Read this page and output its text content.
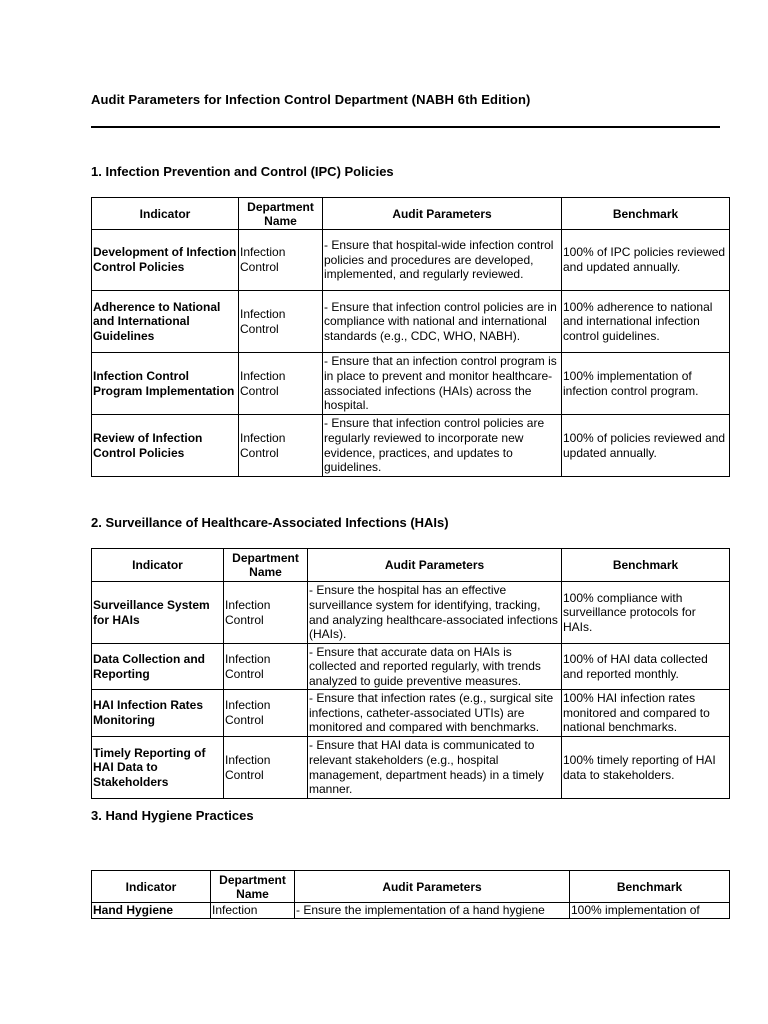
Audit Parameters for Infection Control Department (NABH 6th Edition)
1. Infection Prevention and Control (IPC) Policies
Indicator	Department Name	Audit Parameters	Benchmark
Development of Infection Control Policies	Infection Control	- Ensure that hospital-wide infection control policies and procedures are developed, implemented, and regularly reviewed.	100% of IPC policies reviewed and updated annually.
Adherence to National and International Guidelines	Infection Control	- Ensure that infection control policies are in compliance with national and international standards (e.g., CDC, WHO, NABH).	100% adherence to national and international infection control guidelines.
Infection Control Program Implementation	Infection Control	- Ensure that an infection control program is in place to prevent and monitor healthcare-associated infections (HAIs) across the hospital.	100% implementation of infection control program.
Review of Infection Control Policies	Infection Control	- Ensure that infection control policies are regularly reviewed to incorporate new evidence, practices, and updates to guidelines.	100% of policies reviewed and updated annually.
2. Surveillance of Healthcare-Associated Infections (HAIs)
Indicator	Department Name	Audit Parameters	Benchmark
Surveillance System for HAIs	Infection Control	- Ensure the hospital has an effective surveillance system for identifying, tracking, and analyzing healthcare-associated infections (HAIs).	100% compliance with surveillance protocols for HAIs.
Data Collection and Reporting	Infection Control	- Ensure that accurate data on HAIs is collected and reported regularly, with trends analyzed to guide preventive measures.	100% of HAI data collected and reported monthly.
HAI Infection Rates Monitoring	Infection Control	- Ensure that infection rates (e.g., surgical site infections, catheter-associated UTIs) are monitored and compared with benchmarks.	100% HAI infection rates monitored and compared to national benchmarks.
Timely Reporting of HAI Data to Stakeholders	Infection Control	- Ensure that HAI data is communicated to relevant stakeholders (e.g., hospital management, department heads) in a timely manner.	100% timely reporting of HAI data to stakeholders.
3. Hand Hygiene Practices
Indicator	Department Name	Audit Parameters	Benchmark
Hand Hygiene	Infection	- Ensure the implementation of a hand hygiene	100% implementation of
